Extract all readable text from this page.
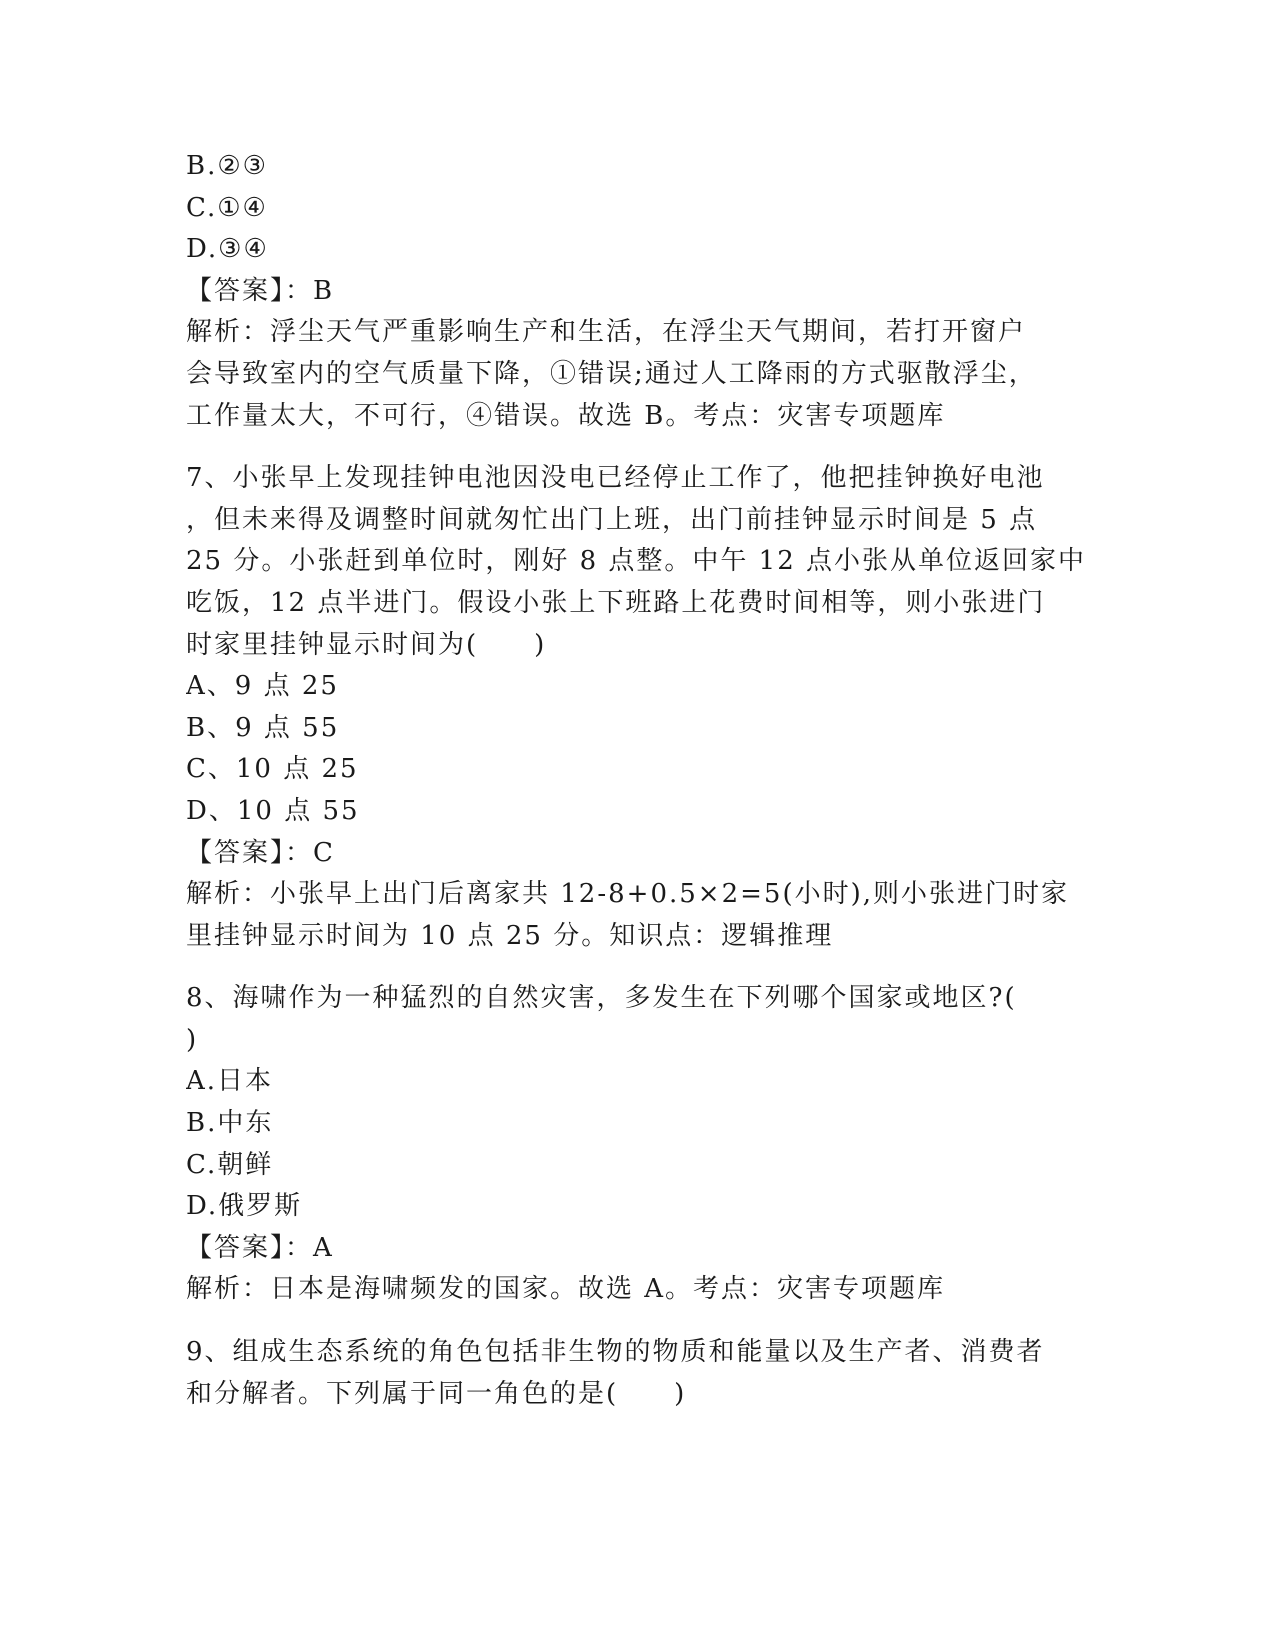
B.②③
C.①④
D.③④
【答案】：B
解析：浮尘天气严重影响生产和生活，在浮尘天气期间，若打开窗户
会导致室内的空气质量下降，①错误;通过人工降雨的方式驱散浮尘，
工作量太大，不可行，④错误。故选 B。考点：灾害专项题库
7、小张早上发现挂钟电池因没电已经停止工作了，他把挂钟换好电池
，但未来得及调整时间就匆忙出门上班，出门前挂钟显示时间是 5 点
25 分。小张赶到单位时，刚好 8 点整。中午 12 点小张从单位返回家中
吃饭，12 点半进门。假设小张上下班路上花费时间相等，则小张进门
时家里挂钟显示时间为(　　)
A、9 点 25
B、9 点 55
C、10 点 25
D、10 点 55
【答案】：C
解析：小张早上出门后离家共 12-8+0.5×2=5(小时),则小张进门时家
里挂钟显示时间为 10 点 25 分。知识点：逻辑推理
8、海啸作为一种猛烈的自然灾害，多发生在下列哪个国家或地区?(
)
A.日本
B.中东
C.朝鲜
D.俄罗斯
【答案】：A
解析：日本是海啸频发的国家。故选 A。考点：灾害专项题库
9、组成生态系统的角色包括非生物的物质和能量以及生产者、消费者
和分解者。下列属于同一角色的是(　　)
